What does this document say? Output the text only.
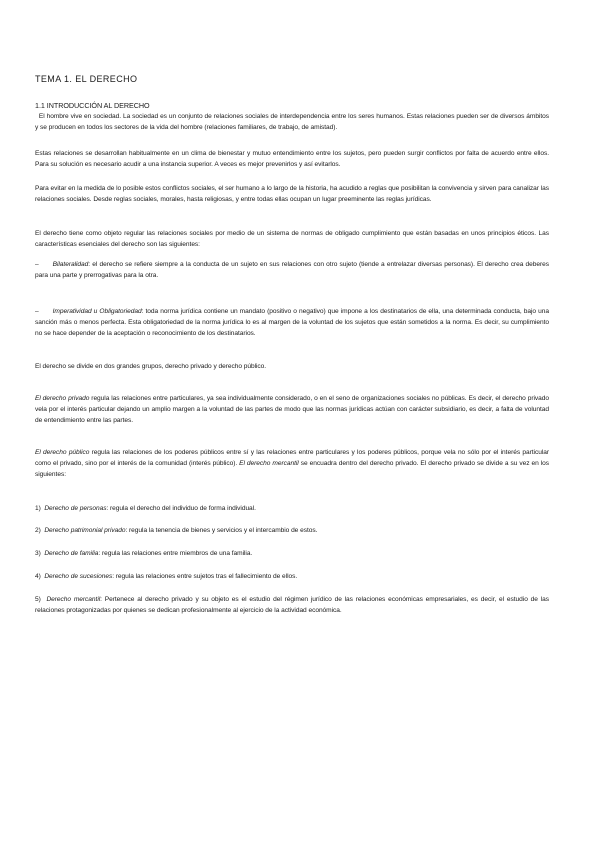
TEMA 1. EL DERECHO
1.1 INTRODUCCIÓN AL DERECHO
El hombre vive en sociedad. La sociedad es un conjunto de relaciones sociales de interdependencia entre los seres humanos. Estas relaciones pueden ser de diversos ámbitos y se producen en todos los sectores de la vida del hombre (relaciones familiares, de trabajo, de amistad).

Estas relaciones se desarrollan habitualmente en un clima de bienestar y mutuo entendimiento entre los sujetos, pero pueden surgir conflictos por falta de acuerdo entre ellos. Para su solución es necesario acudir a una instancia superior. A veces es mejor prevenirlos y así evitarlos.

Para evitar en la medida de lo posible estos conflictos sociales, el ser humano a lo largo de la historia, ha acudido a reglas que posibilitan la convivencia y sirven para canalizar las relaciones sociales. Desde reglas sociales, morales, hasta religiosas, y entre todas ellas ocupan un lugar preeminente las reglas jurídicas.

El derecho tiene como objeto regular las relaciones sociales por medio de un sistema de normas de obligado cumplimiento que están basadas en unos principios éticos. Las características esenciales del derecho son las siguientes:

– Bilateralidad: el derecho se refiere siempre a la conducta de un sujeto en sus relaciones con otro sujeto (tiende a entrelazar diversas personas). El derecho crea deberes para una parte y prerrogativas para la otra.

– Imperatividad u Obligatoriedad: toda norma jurídica contiene un mandato (positivo o negativo) que impone a los destinatarios de ella, una determinada conducta, bajo una sanción más o menos perfecta. Esta obligatoriedad de la norma jurídica lo es al margen de la voluntad de los sujetos que están sometidos a la norma. Es decir, su cumplimiento no se hace depender de la aceptación o reconocimiento de los destinatarios.

El derecho se divide en dos grandes grupos, derecho privado y derecho público.

El derecho privado regula las relaciones entre particulares, ya sea individualmente considerado, o en el seno de organizaciones sociales no públicas. Es decir, el derecho privado vela por el interés particular dejando un amplio margen a la voluntad de las partes de modo que las normas jurídicas actúan con carácter subsidiario, es decir, a falta de voluntad de entendimiento entre las partes.

El derecho público regula las relaciones de los poderes públicos entre sí y las relaciones entre particulares y los poderes públicos, porque vela no sólo por el interés particular como el privado, sino por el interés de la comunidad (interés público). El derecho mercantil se encuadra dentro del derecho privado. El derecho privado se divide a su vez en los siguientes:

1) Derecho de personas: regula el derecho del individuo de forma individual.

2) Derecho patrimonial privado: regula la tenencia de bienes y servicios y el intercambio de estos.

3) Derecho de familia: regula las relaciones entre miembros de una familia.

4) Derecho de sucesiones: regula las relaciones entre sujetos tras el fallecimiento de ellos.

5) Derecho mercantil: Pertenece al derecho privado y su objeto es el estudio del régimen jurídico de las relaciones económicas empresariales, es decir, el estudio de las relaciones protagonizadas por quienes se dedican profesionalmente al ejercicio de la actividad económica.
